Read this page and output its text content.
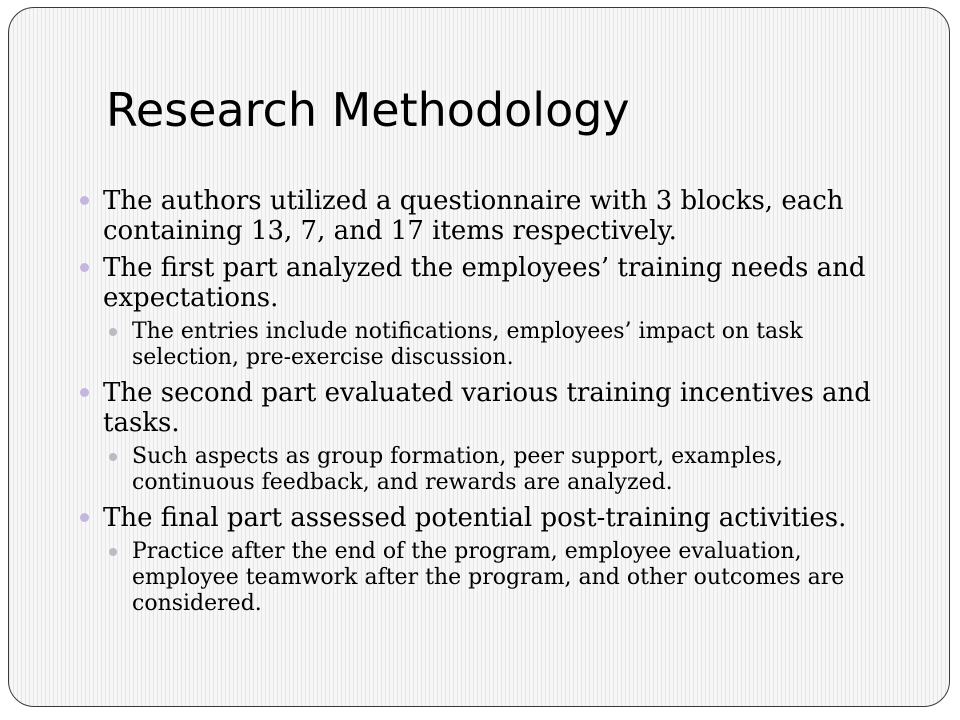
Research Methodology
The authors utilized a questionnaire with 3 blocks, each containing 13, 7, and 17 items respectively.
The first part analyzed the employees’ training needs and expectations.
The entries include notifications, employees’ impact on task selection, pre-exercise discussion.
The second part evaluated various training incentives and tasks.
Such aspects as group formation, peer support, examples, continuous feedback, and rewards are analyzed.
The final part assessed potential post-training activities.
Practice after the end of the program, employee evaluation, employee teamwork after the program, and other outcomes are considered.
